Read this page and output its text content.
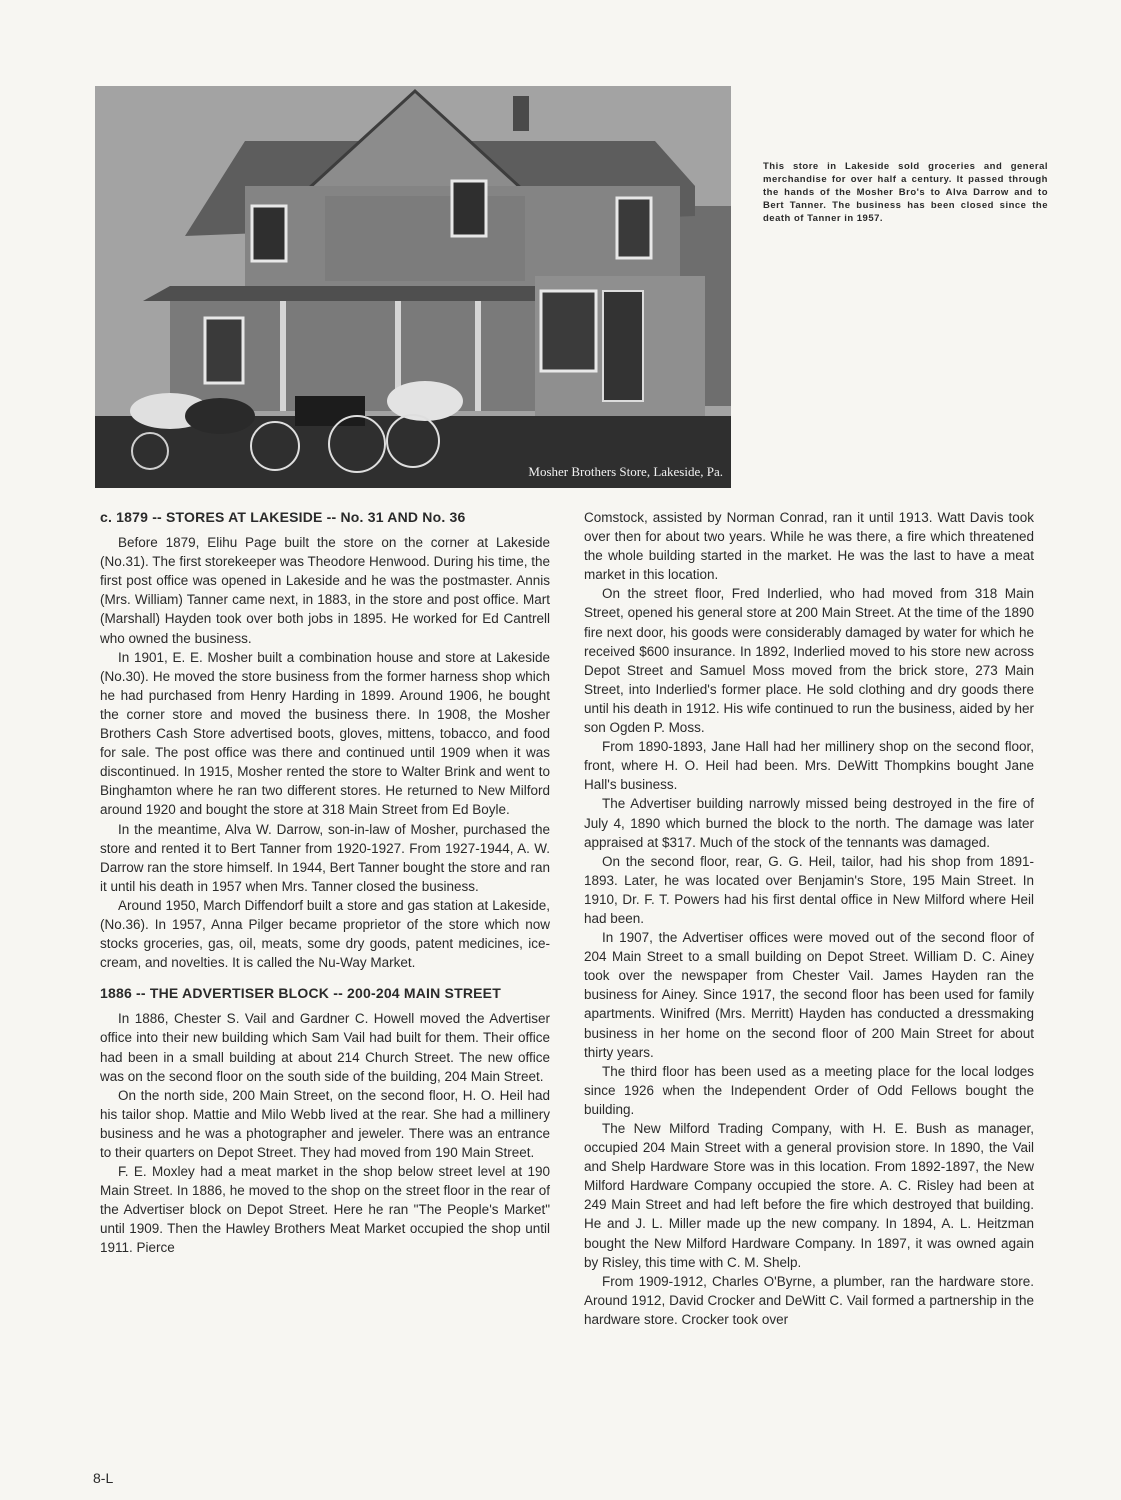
Mosher Brothers Store, Lakeside, Pa.
This store in Lakeside sold groceries and general merchandise for over half a century. It passed through the hands of the Mosher Bro's to Alva Darrow and to Bert Tanner. The business has been closed since the death of Tanner in 1957.
c. 1879 -- STORES AT LAKESIDE -- No. 31 AND No. 36

Before 1879, Elihu Page built the store on the corner at Lakeside (No.31). The first storekeeper was Theodore Henwood. During his time, the first post office was opened in Lakeside and he was the postmaster. Annis (Mrs. William) Tanner came next, in 1883, in the store and post office. Mart (Marshall) Hayden took over both jobs in 1895. He worked for Ed Cantrell who owned the business.

In 1901, E. E. Mosher built a combination house and store at Lakeside (No.30). He moved the store business from the former harness shop which he had purchased from Henry Harding in 1899. Around 1906, he bought the corner store and moved the business there. In 1908, the Mosher Brothers Cash Store advertised boots, gloves, mittens, tobacco, and food for sale. The post office was there and continued until 1909 when it was discontinued. In 1915, Mosher rented the store to Walter Brink and went to Binghamton where he ran two different stores. He returned to New Milford around 1920 and bought the store at 318 Main Street from Ed Boyle.

In the meantime, Alva W. Darrow, son-in-law of Mosher, purchased the store and rented it to Bert Tanner from 1920-1927. From 1927-1944, A. W. Darrow ran the store himself. In 1944, Bert Tanner bought the store and ran it until his death in 1957 when Mrs. Tanner closed the business.

Around 1950, March Diffendorf built a store and gas station at Lakeside, (No.36). In 1957, Anna Pilger became proprietor of the store which now stocks groceries, gas, oil, meats, some dry goods, patent medicines, ice-cream, and novelties. It is called the Nu-Way Market.

1886 -- THE ADVERTISER BLOCK -- 200-204 MAIN STREET

In 1886, Chester S. Vail and Gardner C. Howell moved the Advertiser office into their new building which Sam Vail had built for them. Their office had been in a small building at about 214 Church Street. The new office was on the second floor on the south side of the building, 204 Main Street.

On the north side, 200 Main Street, on the second floor, H. O. Heil had his tailor shop. Mattie and Milo Webb lived at the rear. She had a millinery business and he was a photographer and jeweler. There was an entrance to their quarters on Depot Street. They had moved from 190 Main Street.

F. E. Moxley had a meat market in the shop below street level at 190 Main Street. In 1886, he moved to the shop on the street floor in the rear of the Advertiser block on Depot Street. Here he ran "The People's Market" until 1909. Then the Hawley Brothers Meat Market occupied the shop until 1911. Pierce

Comstock, assisted by Norman Conrad, ran it until 1913. Watt Davis took over then for about two years. While he was there, a fire which threatened the whole building started in the market. He was the last to have a meat market in this location.

On the street floor, Fred Inderlied, who had moved from 318 Main Street, opened his general store at 200 Main Street. At the time of the 1890 fire next door, his goods were considerably damaged by water for which he received $600 insurance. In 1892, Inderlied moved to his store new across Depot Street and Samuel Moss moved from the brick store, 273 Main Street, into Inderlied's former place. He sold clothing and dry goods there until his death in 1912. His wife continued to run the business, aided by her son Ogden P. Moss.

From 1890-1893, Jane Hall had her millinery shop on the second floor, front, where H. O. Heil had been. Mrs. DeWitt Thompkins bought Jane Hall's business.

The Advertiser building narrowly missed being destroyed in the fire of July 4, 1890 which burned the block to the north. The damage was later appraised at $317. Much of the stock of the tennants was damaged.

On the second floor, rear, G. G. Heil, tailor, had his shop from 1891-1893. Later, he was located over Benjamin's Store, 195 Main Street. In 1910, Dr. F. T. Powers had his first dental office in New Milford where Heil had been.

In 1907, the Advertiser offices were moved out of the second floor of 204 Main Street to a small building on Depot Street. William D. C. Ainey took over the newspaper from Chester Vail. James Hayden ran the business for Ainey. Since 1917, the second floor has been used for family apartments. Winifred (Mrs. Merritt) Hayden has conducted a dressmaking business in her home on the second floor of 200 Main Street for about thirty years.

The third floor has been used as a meeting place for the local lodges since 1926 when the Independent Order of Odd Fellows bought the building.

The New Milford Trading Company, with H. E. Bush as manager, occupied 204 Main Street with a general provision store. In 1890, the Vail and Shelp Hardware Store was in this location. From 1892-1897, the New Milford Hardware Company occupied the store. A. C. Risley had been at 249 Main Street and had left before the fire which destroyed that building. He and J. L. Miller made up the new company. In 1894, A. L. Heitzman bought the New Milford Hardware Company. In 1897, it was owned again by Risley, this time with C. M. Shelp.

From 1909-1912, Charles O'Byrne, a plumber, ran the hardware store. Around 1912, David Crocker and DeWitt C. Vail formed a partnership in the hardware store. Crocker took over

8-L
